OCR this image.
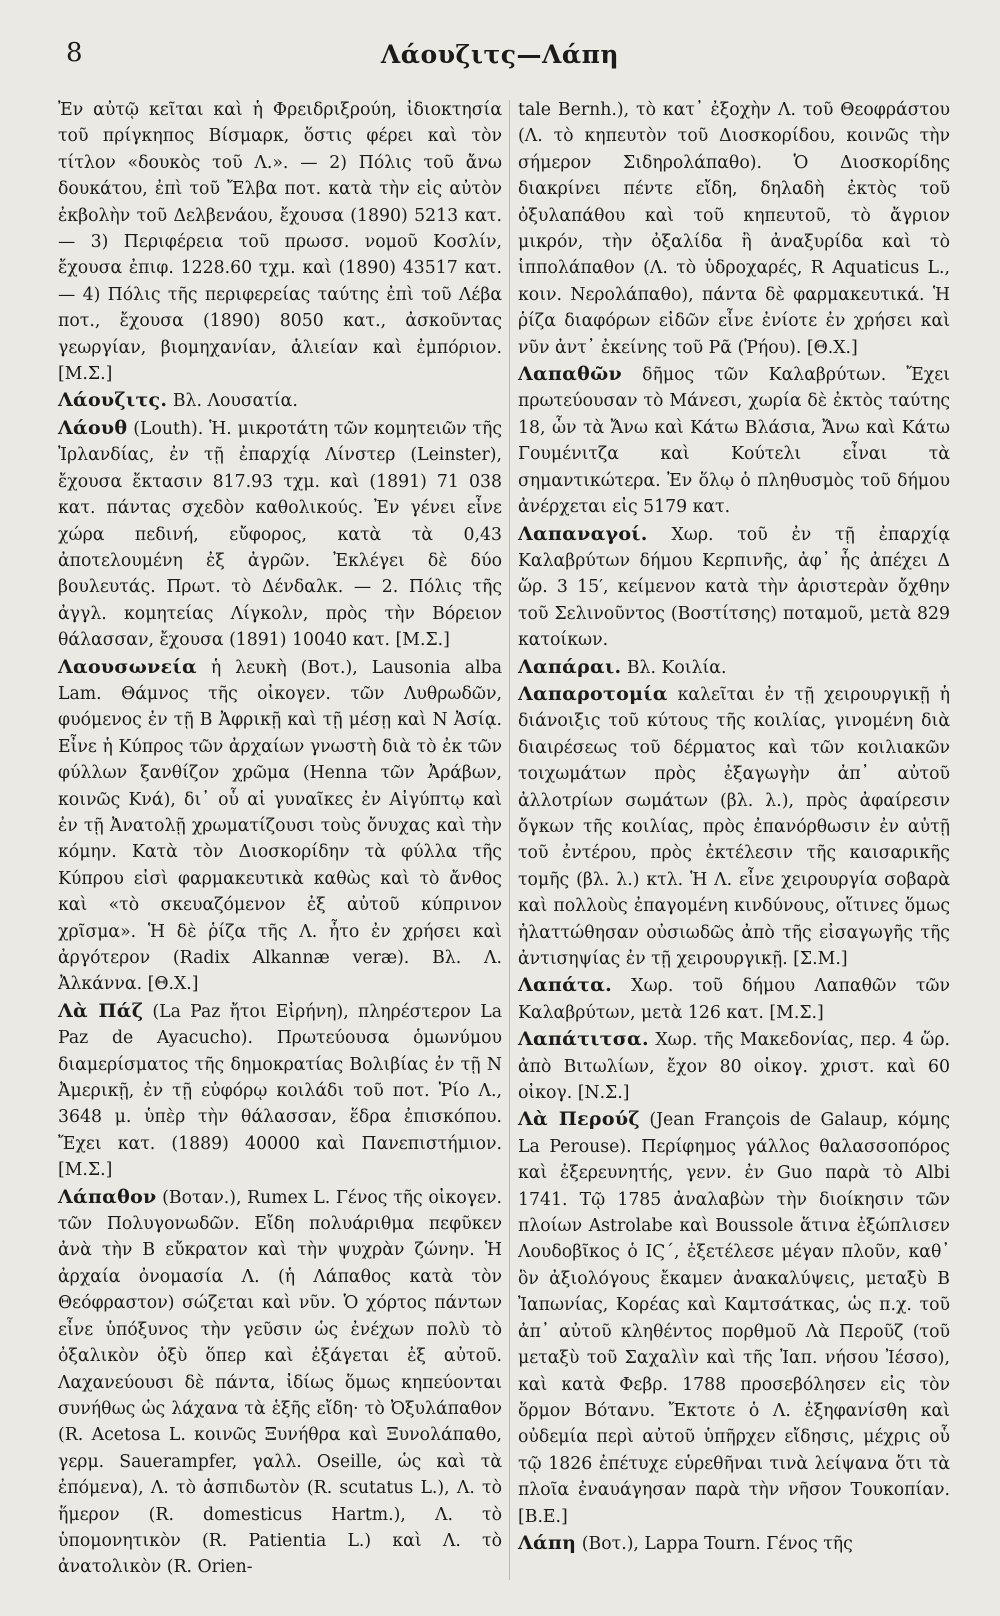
8	Λάουζιτς—Λάπη

Ἐν αὐτῷ κεῖται καὶ ἡ Φρειδριξρούη, ἰδιοκτησία τοῦ πρίγκηπος Βίσμαρκ, ὅστις φέρει καὶ τὸν τίτλον «δουκὸς τοῦ Λ.». — 2) Πόλις τοῦ ἄνω δουκάτου, ἐπὶ τοῦ Ἔλβα ποτ. κατὰ τὴν εἰς αὐτὸν ἐκβολὴν τοῦ Δελβενάου, ἔχουσα (1890) 5213 κατ. — 3) Περιφέρεια τοῦ πρωσσ. νομοῦ Κοσλίν, ἔχουσα ἐπιφ. 1228.60 τχμ. καὶ (1890) 43517 κατ. — 4) Πόλις τῆς περιφερείας ταύτης ἐπὶ τοῦ Λέβα ποτ., ἔχουσα (1890) 8050 κατ., ἀσκοῦντας γεωργίαν, βιομηχανίαν, ἁλιείαν καὶ ἐμπόριον. [Μ.Σ.]

Λάουζιτς. Βλ. Λουσατία.

Λάουθ (Louth). Ἡ. μικροτάτη τῶν κομητειῶν τῆς Ἰρλανδίας, ἐν τῇ ἐπαρχίᾳ Λίνστερ (Leinster), ἔχουσα ἔκτασιν 817.93 τχμ. καὶ (1891) 71 038 κατ. πάντας σχεδὸν καθολικούς. Ἐν γένει εἶνε χώρα πεδινή, εὔφορος, κατὰ τὰ 0,43 ἀποτελουμένη ἐξ ἀγρῶν. Ἐκλέγει δὲ δύο βουλευτάς. Πρωτ. τὸ Δένδαλκ. — 2. Πόλις τῆς ἀγγλ. κομητείας Λίγκολν, πρὸς τὴν Βόρειον θάλασσαν, ἔχουσα (1891) 10040 κατ. [Μ.Σ.]

Λαουσωνεία ἡ λευκὴ (Βοτ.), Lausonia alba Lam. Θάμνος τῆς οἰκογεν. τῶν Λυθρωδῶν, φυόμενος ἐν τῇ Β Ἀφρικῇ καὶ τῇ μέσῃ καὶ Ν Ἀσίᾳ. Εἶνε ἡ Κύπρος τῶν ἀρχαίων γνωστὴ διὰ τὸ ἐκ τῶν φύλλων ξανθίζον χρῶμα (Henna τῶν Ἀράβων, κοινῶς Κνά), δι᾽ οὗ αἱ γυναῖκες ἐν Αἰγύπτῳ καὶ ἐν τῇ Ἀνατολῇ χρωματίζουσι τοὺς ὄνυχας καὶ τὴν κόμην. Κατὰ τὸν Διοσκορίδην τὰ φύλλα τῆς Κύπρου εἰσὶ φαρμακευτικὰ καθὼς καὶ τὸ ἄνθος καὶ «τὸ σκευαζόμενον ἐξ αὐτοῦ κύπρινον χρῖσμα». Ἡ δὲ ῥίζα τῆς Λ. ἦτο ἐν χρήσει καὶ ἀργότερον (Radix Alkannæ veræ). Βλ. Λ. Ἀλκάννα. [Θ.Χ.]

Λὰ Πάζ (La Paz ἤτοι Εἰρήνη), πληρέστερον La Paz de Ayacucho). Πρωτεύουσα ὁμωνύμου διαμερίσματος τῆς δημοκρατίας Βολιβίας ἐν τῇ Ν Ἀμερικῇ, ἐν τῇ εὐφόρῳ κοιλάδι τοῦ ποτ. Ῥίο Λ., 3648 μ. ὑπὲρ τὴν θάλασσαν, ἕδρα ἐπισκόπου. Ἔχει κατ. (1889) 40000 καὶ Πανεπιστήμιον. [Μ.Σ.]

Λάπαθον (Βοταν.), Rumex L. Γένος τῆς οἰκογεν. τῶν Πολυγονωδῶν. Εἴδη πολυάριθμα πεφῦκεν ἀνὰ τὴν Β εὔκρατον καὶ τὴν ψυχρὰν ζώνην. Ἡ ἀρχαία ὀνομασία Λ. (ἡ Λάπαθος κατὰ τὸν Θεόφραστον) σώζεται καὶ νῦν. Ὁ χόρτος πάντων εἶνε ὑπόξυνος τὴν γεῦσιν ὡς ἐνέχων πολὺ τὸ ὀξαλικὸν ὀξὺ ὅπερ καὶ ἐξάγεται ἐξ αὐτοῦ. Λαχανεύουσι δὲ πάντα, ἰδίως ὅμως κηπεύονται συνήθως ὡς λάχανα τὰ ἑξῆς εἴδη· τὸ Ὀξυλάπαθον (R. Acetosa L. κοινῶς Ξυνήθρα καὶ Ξυνολάπαθο, γερμ. Sauerampfer, γαλλ. Oseille, ὡς καὶ τὰ ἐπόμενα), Λ. τὸ ἀσπιδωτὸν (R. scutatus L.), Λ. τὸ ἥμερον (R. domesticus Hartm.), Λ. τὸ ὑπομονητικὸν (R. Patientia L.) καὶ Λ. τὸ ἀνατολικὸν (R. Orien-

tale Bernh.), τὸ κατ᾽ ἐξοχὴν Λ. τοῦ Θεοφράστου (Λ. τὸ κηπευτὸν τοῦ Διοσκορίδου, κοινῶς τὴν σήμερον Σιδηρολάπαθο). Ὁ Διοσκορίδης διακρίνει πέντε εἴδη, δηλαδὴ ἐκτὸς τοῦ ὀξυλαπάθου καὶ τοῦ κηπευτοῦ, τὸ ἄγριον μικρόν, τὴν ὀξαλίδα ἢ ἀναξυρίδα καὶ τὸ ἱππολάπαθον (Λ. τὸ ὑδροχαρές, R Aquaticus L., κοιν. Νερολάπαθο), πάντα δὲ φαρμακευτικά. Ἡ ῥίζα διαφόρων εἰδῶν εἶνε ἐνίοτε ἐν χρήσει καὶ νῦν ἀντ᾽ ἐκείνης τοῦ Ρᾶ (Ῥήου). [Θ.Χ.]

Λαπαθῶν δῆμος τῶν Καλαβρύτων. Ἔχει πρωτεύουσαν τὸ Μάνεσι, χωρία δὲ ἐκτὸς ταύτης 18, ὧν τὰ Ἄνω καὶ Κάτω Βλάσια, Ἄνω καὶ Κάτω Γουμένιτζα καὶ Κούτελι εἶναι τὰ σημαντικώτερα. Ἐν ὅλῳ ὁ πληθυσμὸς τοῦ δήμου ἀνέρχεται εἰς 5179 κατ.

Λαπαναγοί. Χωρ. τοῦ ἐν τῇ ἐπαρχίᾳ Καλαβρύτων δήμου Κερπινῆς, ἀφ᾽ ἧς ἀπέχει Δ ὥρ. 3 15′, κείμενον κατὰ τὴν ἀριστερὰν ὄχθην τοῦ Σελινοῦντος (Βοστίτσης) ποταμοῦ, μετὰ 829 κατοίκων.

Λαπάραι. Βλ. Κοιλία.

Λαπαροτομία καλεῖται ἐν τῇ χειρουργικῇ ἡ διάνοιξις τοῦ κύτους τῆς κοιλίας, γινομένη διὰ διαιρέσεως τοῦ δέρματος καὶ τῶν κοιλιακῶν τοιχωμάτων πρὸς ἐξαγωγὴν ἀπ᾽ αὐτοῦ ἀλλοτρίων σωμάτων (βλ. λ.), πρὸς ἀφαίρεσιν ὄγκων τῆς κοιλίας, πρὸς ἐπανόρθωσιν ἐν αὐτῇ τοῦ ἐντέρου, πρὸς ἐκτέλεσιν τῆς καισαρικῆς τομῆς (βλ. λ.) κτλ. Ἡ Λ. εἶνε χειρουργία σοβαρὰ καὶ πολλοὺς ἐπαγομένη κινδύνους, οἵτινες ὅμως ἠλαττώθησαν οὐσιωδῶς ἀπὸ τῆς εἰσαγωγῆς τῆς ἀντισηψίας ἐν τῇ χειρουργικῇ. [Σ.Μ.]

Λαπάτα. Χωρ. τοῦ δήμου Λαπαθῶν τῶν Καλαβρύτων, μετὰ 126 κατ. [Μ.Σ.]

Λαπάτιτσα. Χωρ. τῆς Μακεδονίας, περ. 4 ὥρ. ἀπὸ Βιτωλίων, ἔχον 80 οἰκογ. χριστ. καὶ 60 οἰκογ. [Ν.Σ.]

Λὰ Περούζ (Jean François de Galaup, κόμης La Perouse). Περίφημος γάλλος θαλασσοπόρος καὶ ἐξερευνητής, γενν. ἐν Guo παρὰ τὸ Albi 1741. Τῷ 1785 ἀναλαβὼν τὴν διοίκησιν τῶν πλοίων Astrolabe καὶ Boussole ἅτινα ἐξώπλισεν Λουδοβῖκος ὁ ΙϚ΄, ἐξετέλεσε μέγαν πλοῦν, καθ᾽ ὃν ἀξιολόγους ἔκαμεν ἀνακαλύψεις, μεταξὺ Β Ἰαπωνίας, Κορέας καὶ Καμτσάτκας, ὡς π.χ. τοῦ ἀπ᾽ αὐτοῦ κληθέντος πορθμοῦ Λὰ Περοῦζ (τοῦ μεταξὺ τοῦ Σαχαλὶν καὶ τῆς Ἰαπ. νήσου Ἰέσσο), καὶ κατὰ Φεβρ. 1788 προσεβόλησεν εἰς τὸν ὅρμον Βότανυ. Ἔκτοτε ὁ Λ. ἐξηφανίσθη καὶ οὐδεμία περὶ αὐτοῦ ὑπῆρχεν εἴδησις, μέχρις οὗ τῷ 1826 ἐπέτυχε εὑρεθῆναι τινὰ λείψανα ὅτι τὰ πλοῖα ἐναυάγησαν παρὰ τὴν νῆσον Τουκοπίαν. [Β.Ε.]

Λάπη (Βοτ.), Lappa Tourn. Γένος τῆς
